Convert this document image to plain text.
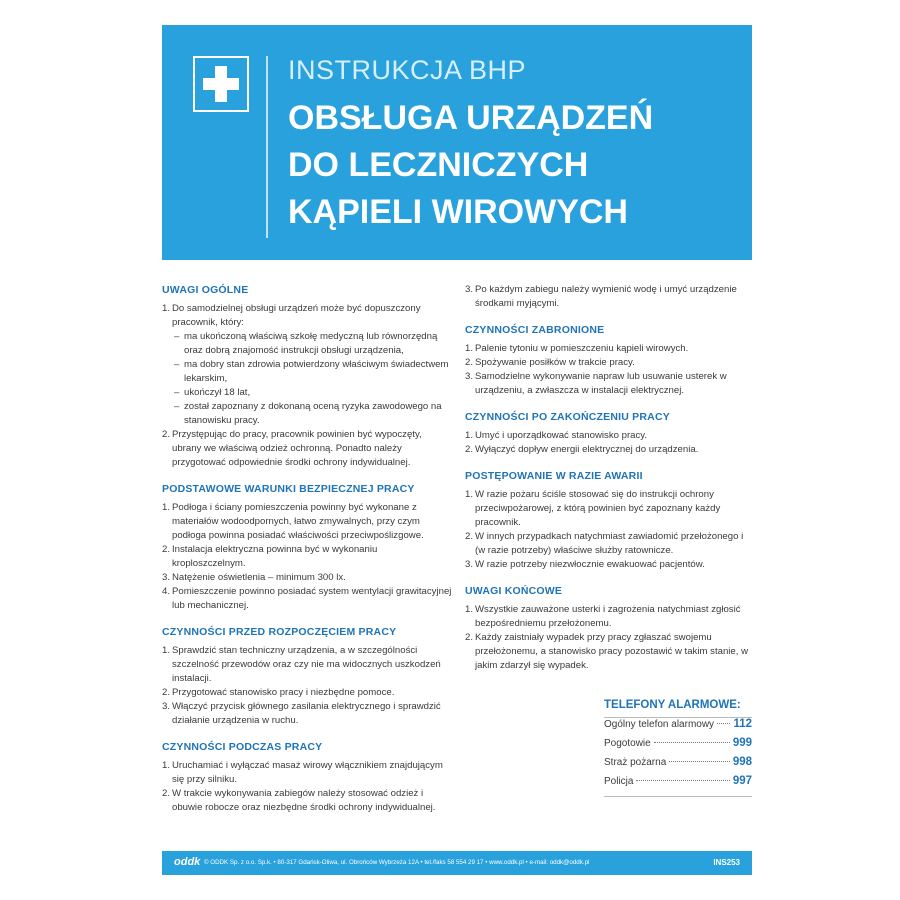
INSTRUKCJA BHP
OBSŁUGA URZĄDZEŃ
DO LECZNICZYCH
KĄPIELI WIROWYCH
UWAGI OGÓLNE
1. Do samodzielnej obsługi urządzeń może być dopuszczony pracownik, który:
– ma ukończoną właściwą szkołę medyczną lub równorzędną oraz dobrą znajomość instrukcji obsługi urządzenia,
– ma dobry stan zdrowia potwierdzony właściwym świadectwem lekarskim,
– ukończył 18 lat,
– został zapoznany z dokonaną oceną ryzyka zawodowego na stanowisku pracy.
2. Przystępując do pracy, pracownik powinien być wypoczęty, ubrany we właściwą odzież ochronną. Ponadto należy przygotować odpowiednie środki ochrony indywidualnej.
PODSTAWOWE WARUNKI BEZPIECZNEJ PRACY
1. Podłoga i ściany pomieszczenia powinny być wykonane z materiałów wodoodpornych, łatwo zmywalnych, przy czym podłoga powinna posiadać właściwości przeciwpoślizgowe.
2. Instalacja elektryczna powinna być w wykonaniu kroploszczelnym.
3. Natężenie oświetlenia – minimum 300 lx.
4. Pomieszczenie powinno posiadać system wentylacji grawitacyjnej lub mechanicznej.
CZYNNOŚCI PRZED ROZPOCZĘCIEM PRACY
1. Sprawdzić stan techniczny urządzenia, a w szczególności szczelność przewodów oraz czy nie ma widocznych uszkodzeń instalacji.
2. Przygotować stanowisko pracy i niezbędne pomoce.
3. Włączyć przycisk głównego zasilania elektrycznego i sprawdzić działanie urządzenia w ruchu.
CZYNNOŚCI PODCZAS PRACY
1. Uruchamiać i wyłączać masaż wirowy włącznikiem znajdującym się przy silniku.
2. W trakcie wykonywania zabiegów należy stosować odzież i obuwie robocze oraz niezbędne środki ochrony indywidualnej.
3. Po każdym zabiegu należy wymienić wodę i umyć urządzenie środkami myjącymi.
CZYNNOŚCI ZABRONIONE
1. Palenie tytoniu w pomieszczeniu kąpieli wirowych.
2. Spożywanie posiłków w trakcie pracy.
3. Samodzielne wykonywanie napraw lub usuwanie usterek w urządzeniu, a zwłaszcza w instalacji elektrycznej.
CZYNNOŚCI PO ZAKOŃCZENIU PRACY
1. Umyć i uporządkować stanowisko pracy.
2. Wyłączyć dopływ energii elektrycznej do urządzenia.
POSTĘPOWANIE W RAZIE AWARII
1. W razie pożaru ściśle stosować się do instrukcji ochrony przeciwpożarowej, z którą powinien być zapoznany każdy pracownik.
2. W innych przypadkach natychmiast zawiadomić przełożonego i (w razie potrzeby) właściwe służby ratownicze.
3. W razie potrzeby niezwłocznie ewakuować pacjentów.
UWAGI KOŃCOWE
1. Wszystkie zauważone usterki i zagrożenia natychmiast zgłosić bezpośredniemu przełożonemu.
2. Każdy zaistniały wypadek przy pracy zgłaszać swojemu przełożonemu, a stanowisko pracy pozostawić w takim stanie, w jakim zdarzył się wypadek.
TELEFONY ALARMOWE:
Ogólny telefon alarmowy 112
Pogotowie	999
Straż pożarna	998
Policja	997
oddk © ODDK Sp. z o.o. Sp.k. • 80-317 Gdańsk-Oliwa, ul. Obrońców Wybrzeża 12A • tel./faks 58 554 29 17 • www.oddk.pl • e-mail: oddk@oddk.pl	INS253
